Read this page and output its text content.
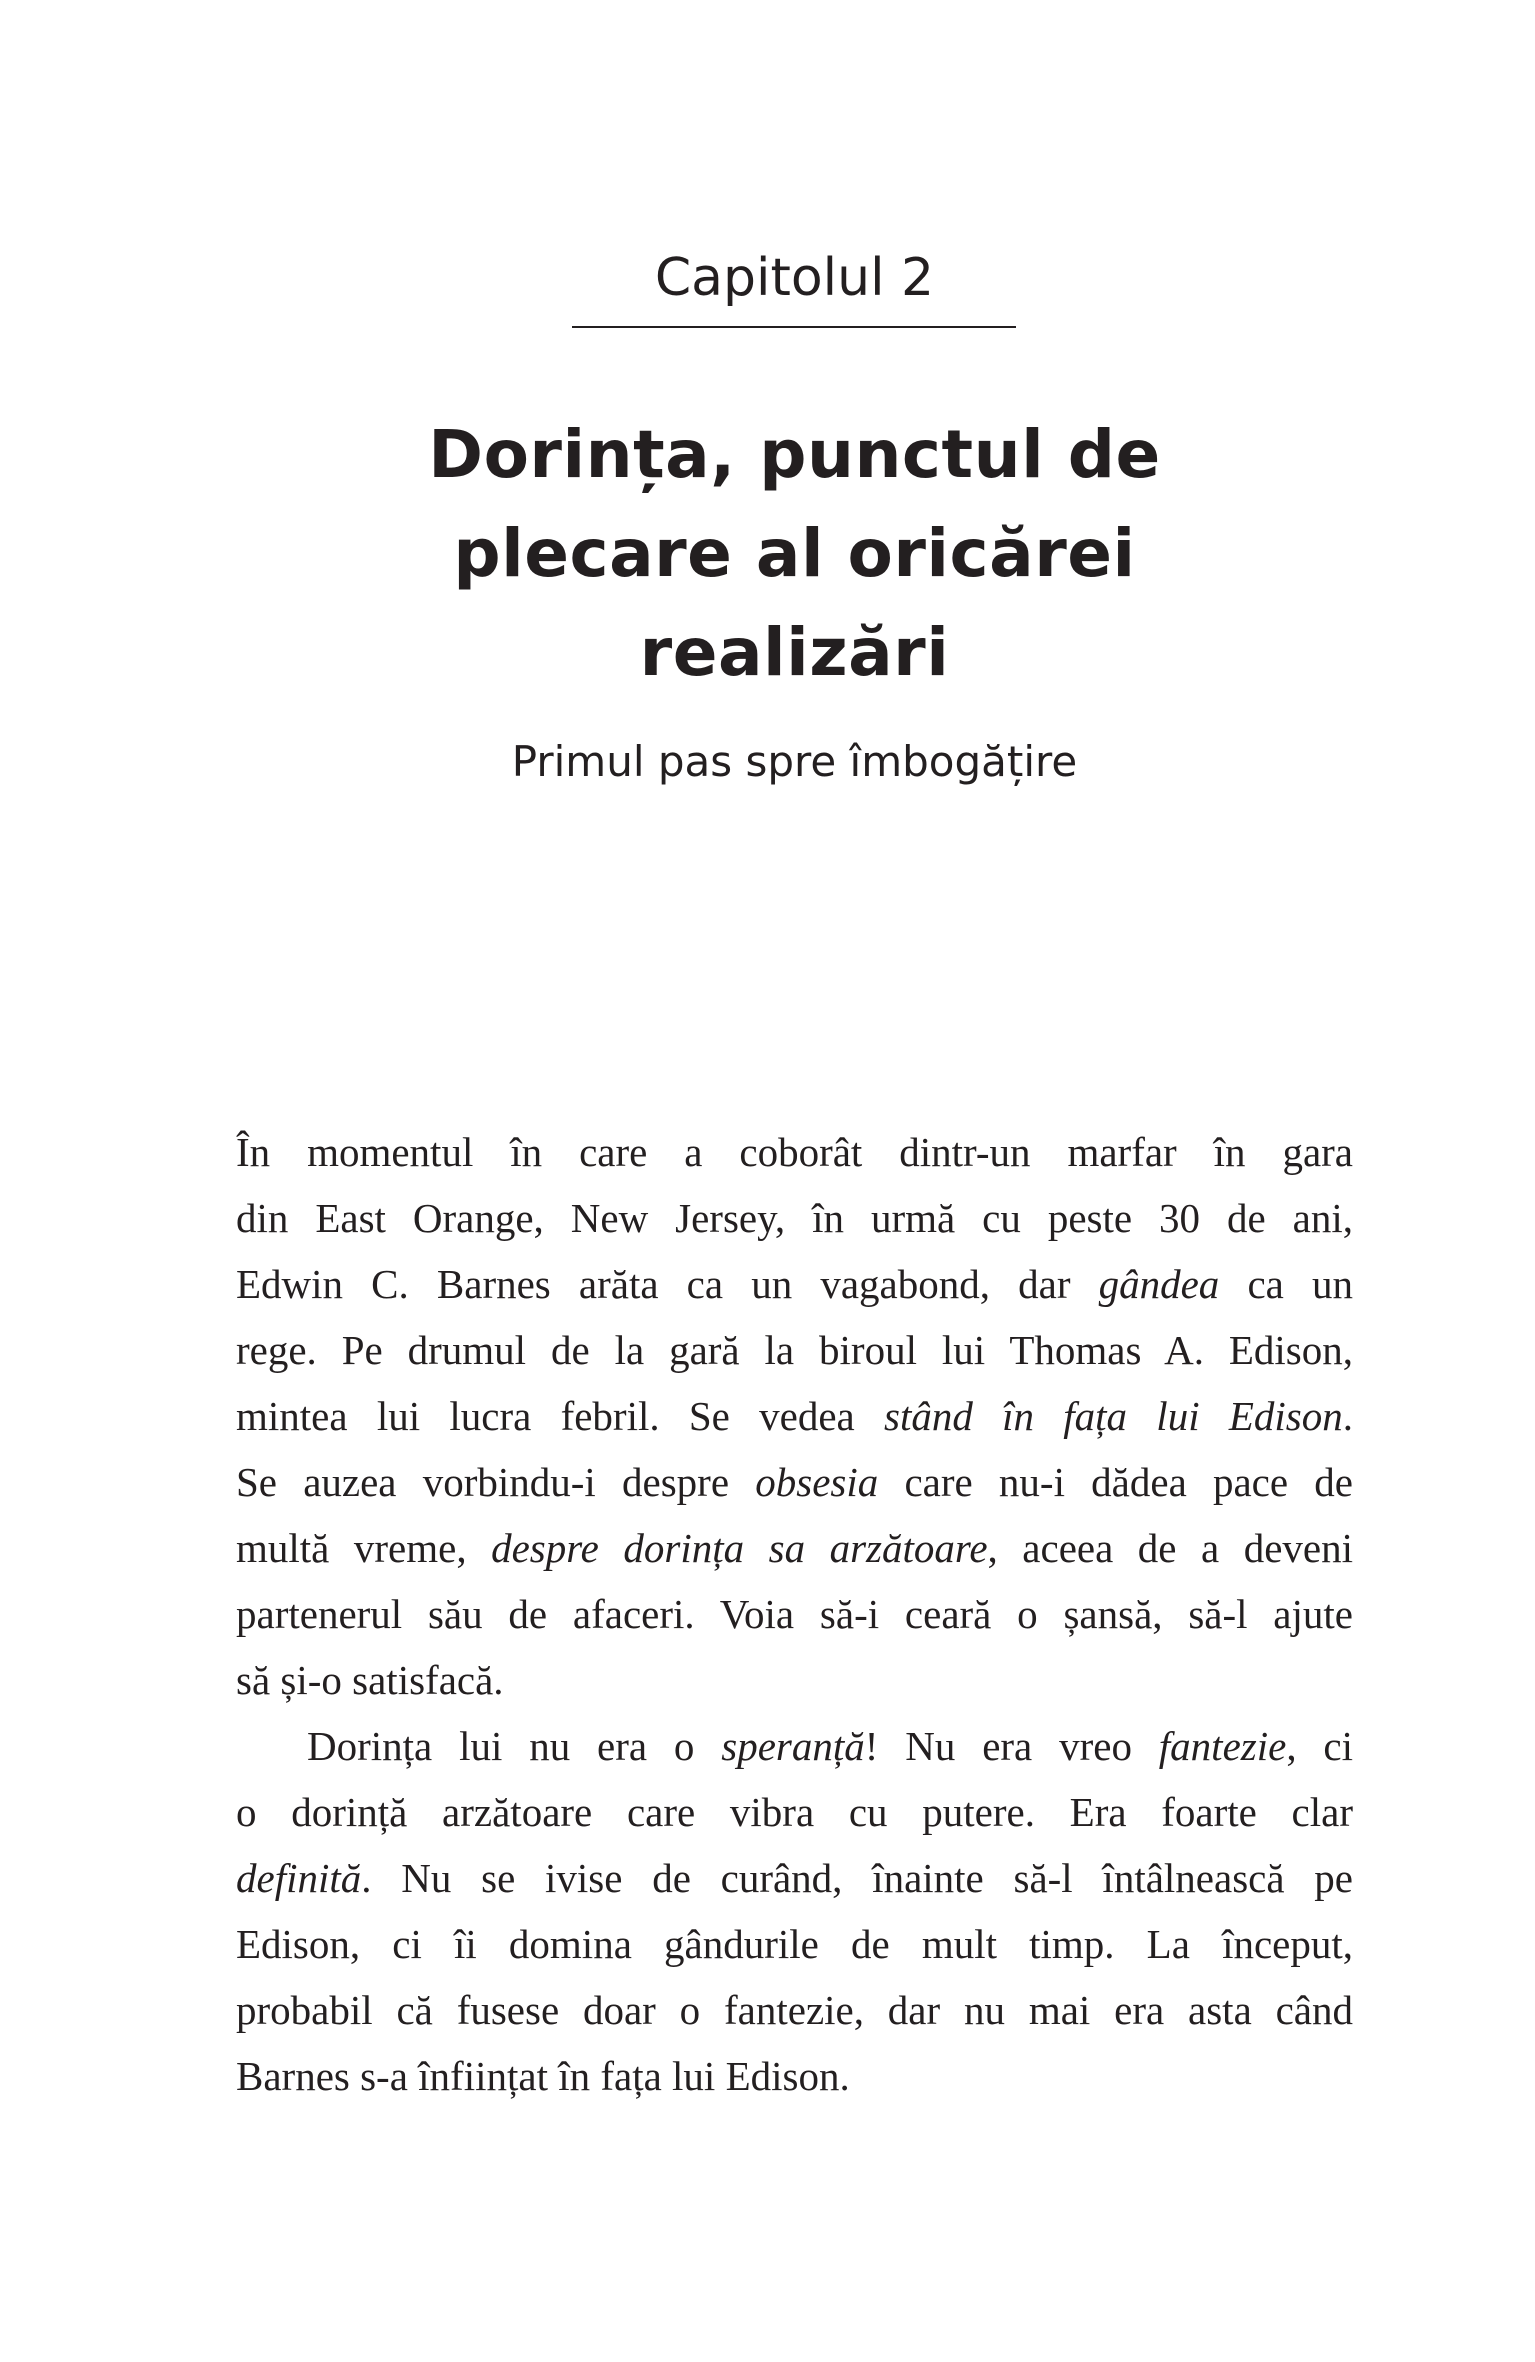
Capitolul 2
Dorința, punctul de
plecare al oricărei
realizări
Primul pas spre îmbogățire
În momentul în care a coborât dintr-un marfar în gara
din East Orange, New Jersey, în urmă cu peste 30 de ani,
Edwin C. Barnes arăta ca un vagabond, dar gândea ca un
rege. Pe drumul de la gară la biroul lui Thomas A. Edison,
mintea lui lucra febril. Se vedea stând în fața lui Edison.
Se auzea vorbindu-i despre obsesia care nu-i dădea pace de
multă vreme, despre dorința sa arzătoare, aceea de a deveni
partenerul său de afaceri. Voia să-i ceară o șansă, să-l ajute
să și-o satisfacă.
Dorința lui nu era o speranță! Nu era vreo fantezie, ci
o dorință arzătoare care vibra cu putere. Era foarte clar
definită. Nu se ivise de curând, înainte să-l întâlnească pe
Edison, ci îi domina gândurile de mult timp. La început,
probabil că fusese doar o fantezie, dar nu mai era asta când
Barnes s-a înființat în fața lui Edison.
